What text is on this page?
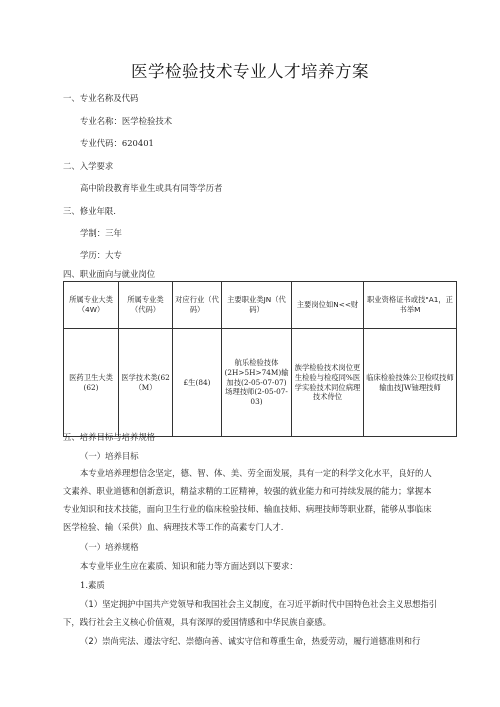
医学检验技术专业人才培养方案
一、专业名称及代码
专业名称：医学检验技术
专业代码：620401
二、入学要求
高中阶段教育毕业生或具有同等学历者
三、修业年限.
学制：三年
学历：大专
四、职业面向与就业岗位
所属专业大类（4W）	所属专业类（代码）	对应行业（代码）	主要职业类JN（代码）	主要岗位如N<<财	职业资格证书或技"A1，正书举M
医药卫生大类(62)	医学技术类(62（M）	£生(84)	航乐检验技体(2H>5H>74M)输加技(2-05-07-07)场理技师(2-05-07-03)	族学检验技术岗位更生检验与检疫同%医学实验技术同位病理技术侍位	临床检验技姝公卫检哎技师输血技JW铀理技师
五、培养目标与培养规格
（一）培养目标
本专业培养理想信念坚定，德、智、体、美、劳全面发展，具有一定的科学文化水平，良好的人文素养、职业道德和创新意识，精益求精的工匠精神，较强的就业能力和可持续发展的能力；掌握本专业知识和技术技能，面向卫生行业的临床检验技师、输血技师、病理技师等职业群，能够从事临床医学检验、输（采供）血、病理技术等工作的高素专门人才.
（一）培养规格
本专业毕业生应在素质、知识和能力等方面达到以下要求：
1.素质
（1）坚定拥护中国共产党领导和我国社会主义制度，在习近平新时代中国特色社会主义思想指引下，践行社会主义核心价值观，具有深厚的爱国情感和中华民族自豪感。
（2）崇尚宪法、遵法守纪、崇德向善、诚实守信和尊重生命，热爱劳动，履行道德准则和行
